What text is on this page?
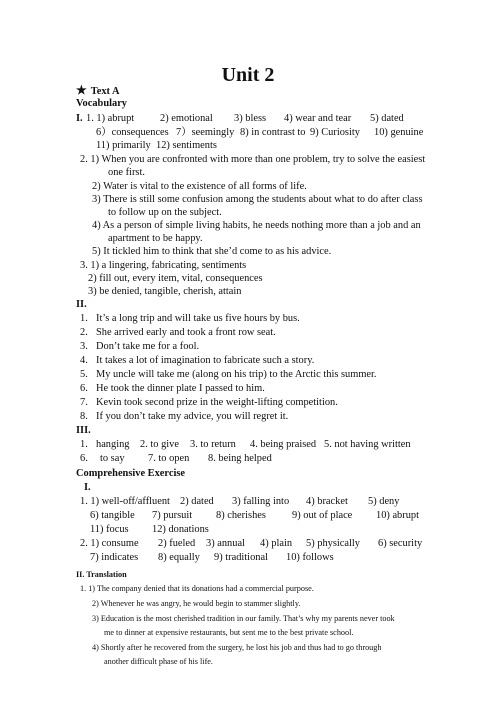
Unit 2
★ Text A
Vocabulary
I. 1. 1) abrupt 2) emotional 3) bless 4) wear and tear 5) dated
6）consequences 7）seemingly 8) in contrast to 9) Curiosity 10) genuine
11) primarily 12) sentiments
2. 1) When you are confronted with more than one problem, try to solve the easiest
one first.
2) Water is vital to the existence of all forms of life.
3) There is still some confusion among the students about what to do after class
to follow up on the subject.
4) As a person of simple living habits, he needs nothing more than a job and an
apartment to be happy.
5) It tickled him to think that she’d come to as his advice.
3. 1) a lingering, fabricating, sentiments
2) fill out, every item, vital, consequences
3) be denied, tangible, cherish, attain
II.
1. It’s a long trip and will take us five hours by bus.
2. She arrived early and took a front row seat.
3. Don’t take me for a fool.
4. It takes a lot of imagination to fabricate such a story.
5. My uncle will take me (along on his trip) to the Arctic this summer.
6. He took the dinner plate I passed to him.
7. Kevin took second prize in the weight-lifting competition.
8. If you don’t take my advice, you will regret it.
III.
1. hanging 2. to give 3. to return 4. being praised 5. not having written
6. to say 7. to open 8. being helped
Comprehensive Exercise
I.
1. 1) well-off/affluent 2) dated 3) falling into 4) bracket 5) deny
6) tangible 7) pursuit 8) cherishes	9) out of place 10) abrupt
11) focus 12) donations
2. 1) consume 2) fueled 3) annual 4) plain 5) physically 6) security
7) indicates 8) equally 9) traditional 10) follows
II. Translation
1. 1) The company denied that its donations had a commercial purpose.
2) Whenever he was angry, he would begin to stammer slightly.
3) Education is the most cherished tradition in our family. That’s why my parents never took
me to dinner at expensive restaurants, but sent me to the best private school.
4) Shortly after he recovered from the surgery, he lost his job and thus had to go through
another difficult phase of his life.
